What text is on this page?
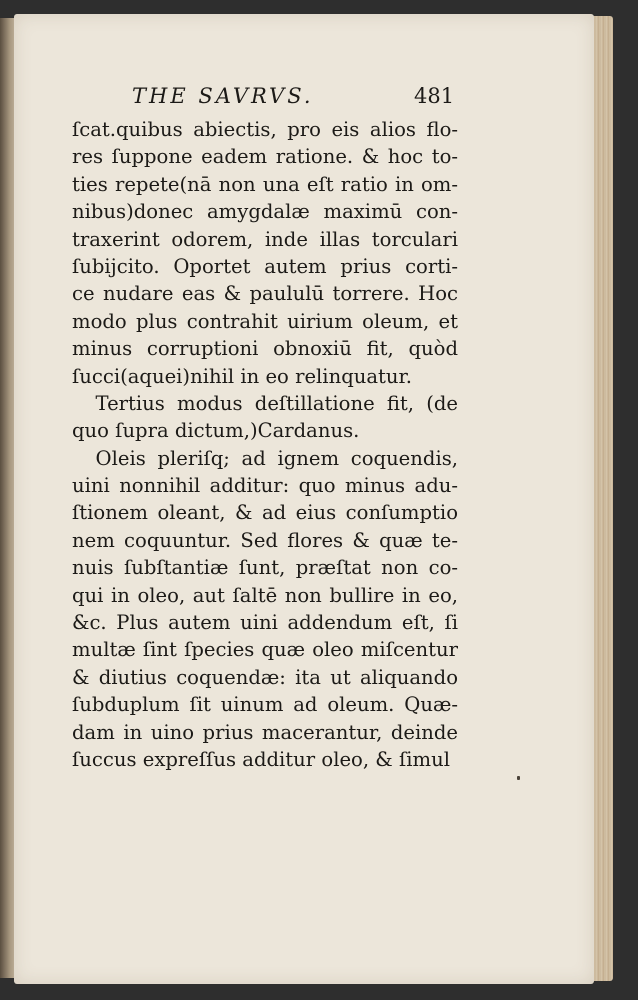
THE SAVRVS.	481
ſcat.quibus abiectis, pro eis alios flo-
res ſuppone eadem ratione. & hoc to-
ties repete(nā non una eſt ratio in om-
nibus)donec amygdalæ maximū con-
traxerint odorem, inde illas torculari
ſubijcito. Oportet autem prius corti-
ce nudare eas & paululū torrere. Hoc
modo plus contrahit uirium oleum, et
minus corruptioni obnoxiū fit, quòd
ſucci(aquei)nihil in eo relinquatur.
Tertius modus deſtillatione fit, (de
quo ſupra dictum,)Cardanus.
Oleis pleriſq; ad ignem coquendis,
uini nonnihil additur: quo minus adu-
ſtionem oleant, & ad eius conſumptio
nem coquuntur. Sed flores & quæ te-
nuis ſubſtantiæ ſunt, præſtat non co-
qui in oleo, aut ſaltē non bullire in eo,
&c. Plus autem uini addendum eſt, ſi
multæ ſint ſpecies quæ oleo miſcentur
& diutius coquendæ: ita ut aliquando
ſubduplum ſit uinum ad oleum. Quæ-
dam in uino prius macerantur, deinde
ſuccus expreſſus additur oleo, & ſimul
